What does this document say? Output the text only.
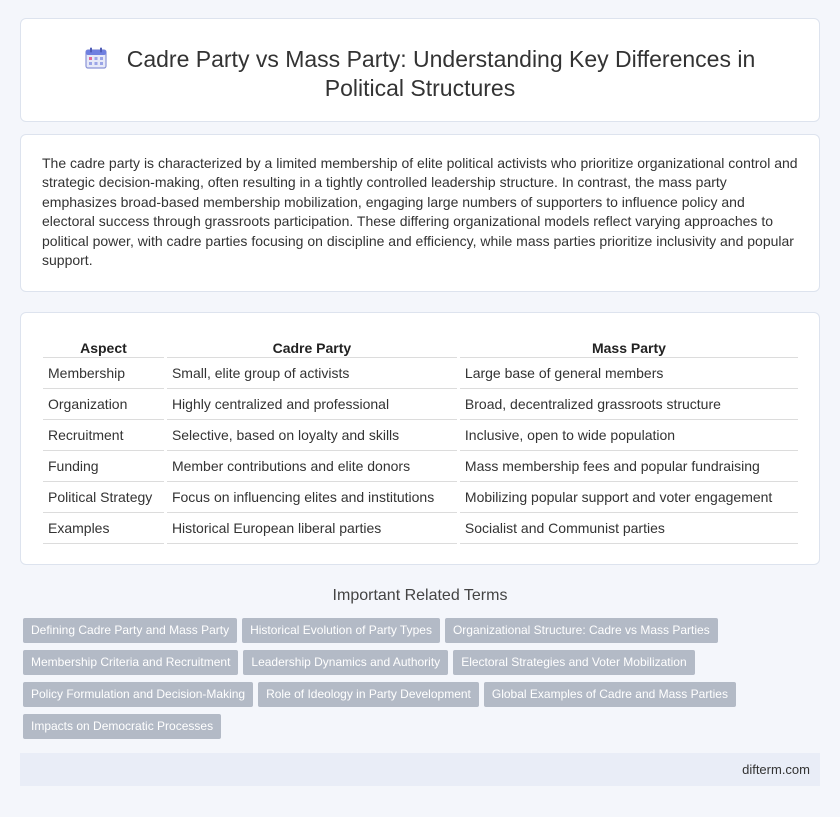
Cadre Party vs Mass Party: Understanding Key Differences in
Political Structures

The cadre party is characterized by a limited membership of elite political activists who prioritize organizational control and strategic decision-making, often resulting in a tightly controlled leadership structure. In contrast, the mass party emphasizes broad-based membership mobilization, engaging large numbers of supporters to influence policy and electoral success through grassroots participation. These differing organizational models reflect varying approaches to political power, with cadre parties focusing on discipline and efficiency, while mass parties prioritize inclusivity and popular support.

Aspect		Cadre Party		Mass Party
Membership		Small, elite group of activists		Large base of general members
Organization		Highly centralized and professional		Broad, decentralized grassroots structure
Recruitment		Selective, based on loyalty and skills		Inclusive, open to wide population
Funding		Member contributions and elite donors		Mass membership fees and popular fundraising
Political Strategy		Focus on influencing elites and institutions		Mobilizing popular support and voter engagement
Examples		Historical European liberal parties		Socialist and Communist parties
Important Related Terms
Defining Cadre Party and Mass Party Historical Evolution of Party Types Organizational Structure: Cadre vs Mass Parties
Membership Criteria and Recruitment Leadership Dynamics and Authority Electoral Strategies and Voter Mobilization
Policy Formulation and Decision-Making Role of Ideology in Party Development Global Examples of Cadre and Mass Parties
Impacts on Democratic Processes
difterm.com
